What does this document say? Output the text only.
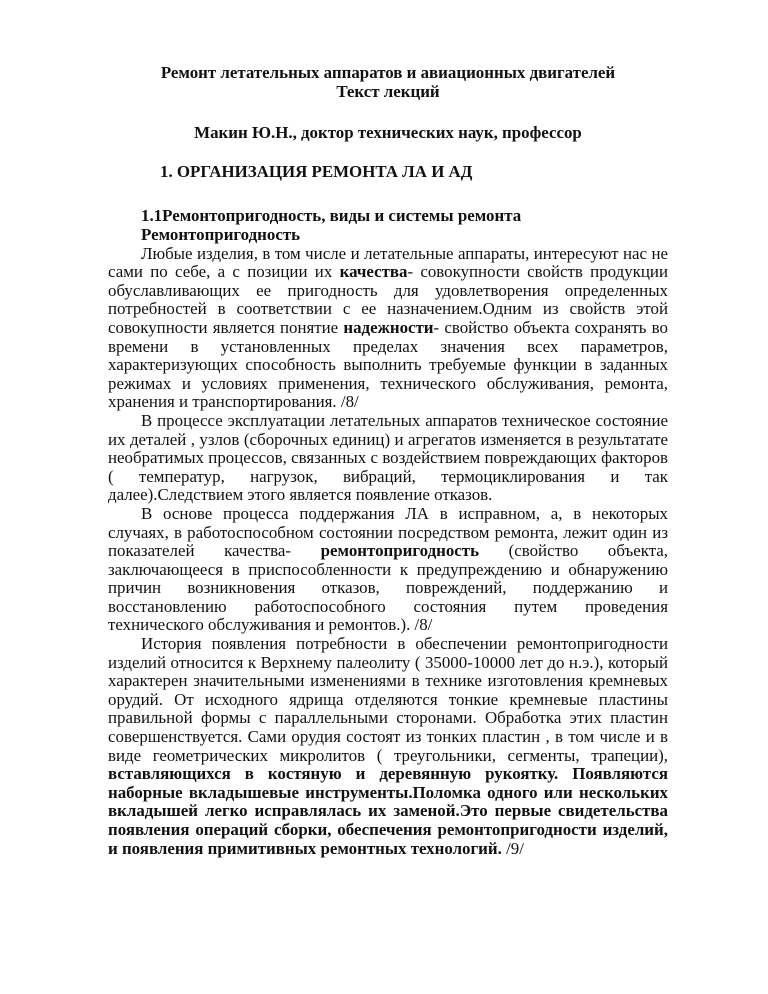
Ремонт летательных аппаратов и авиационных двигателей
Текст лекций
Макин Ю.Н., доктор технических наук, профессор
1. ОРГАНИЗАЦИЯ РЕМОНТА ЛА И АД
1.1Ремонтопригодность, виды и системы ремонта
Ремонтопригодность

Любые изделия, в том числе и летательные аппараты, интересуют нас не сами по себе, а с позиции их качества- совокупности свойств продукции обуславливающих ее пригодность для удовлетворения определенных потребностей в соответствии с ее назначением.Одним из свойств этой совокупности является понятие надежности- свойство объекта сохранять во времени в установленных пределах значения всех параметров, характеризующих способность выполнить требуемые функции в заданных режимах и условиях применения, технического обслуживания, ремонта, хранения и транспортирования. /8/

В процессе эксплуатации летательных аппаратов техническое состояние их деталей , узлов (сборочных единиц) и агрегатов изменяется в результатате необратимых процессов, связанных с воздействием повреждающих факторов ( температур, нагрузок, вибраций, термоциклирования и так далее).Следствием этого является появление отказов.

В основе процесса поддержания ЛА в исправном, а, в некоторых случаях, в работоспособном состоянии посредством ремонта, лежит один из показателей качества- ремонтопригодность (свойство объекта, заключающееся в приспособленности к предупреждению и обнаружению причин возникновения отказов, повреждений, поддержанию и восстановлению работоспособного состояния путем проведения технического обслуживания и ремонтов.). /8/

История появления потребности в обеспечении ремонтопригодности изделий относится к Верхнему палеолиту ( 35000-10000 лет до н.э.), который характерен значительными изменениями в технике изготовления кремневых орудий. От исходного ядрища отделяются тонкие кремневые пластины правильной формы с параллельными сторонами. Обработка этих пластин совершенствуется. Сами орудия состоят из тонких пластин , в том числе и в виде геометрических микролитов ( треугольники, сегменты, трапеции), вставляющихся в костяную и деревянную рукоятку. Появляются наборные вкладышевые инструменты.Поломка одного или нескольких вкладышей легко исправлялась их заменой.Это первые свидетельства появления операций сборки, обеспечения ремонтопригодности изделий, и появления примитивных ремонтных технологий. /9/
